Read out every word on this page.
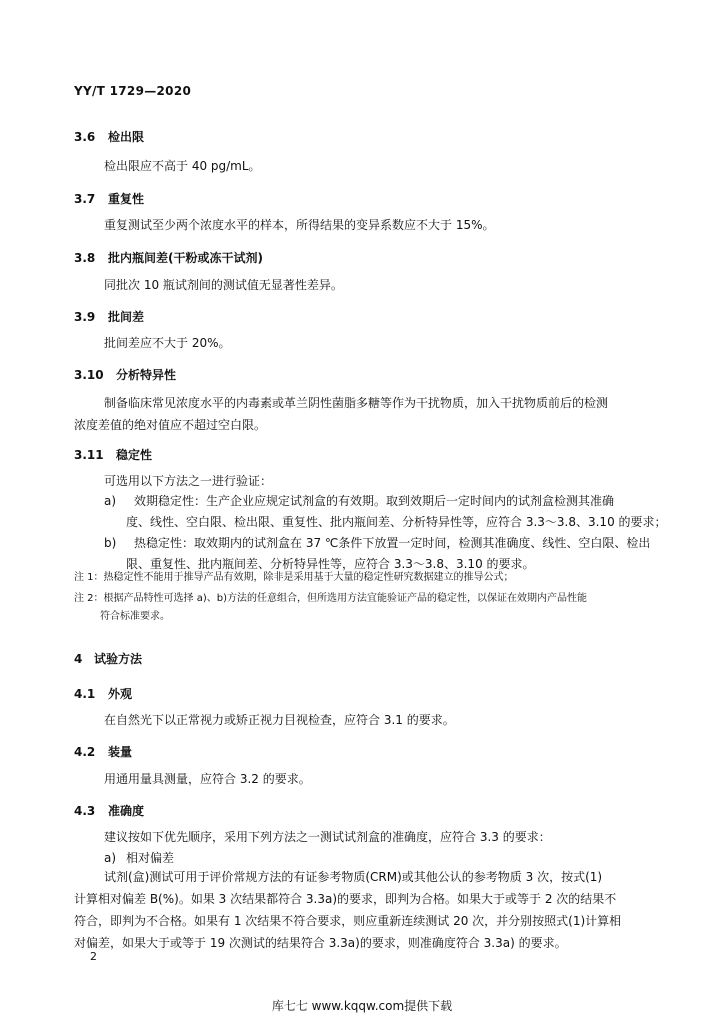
YY/T 1729—2020
3.6 检出限
检出限应不高于 40 pg/mL。
3.7 重复性
重复测试至少两个浓度水平的样本，所得结果的变异系数应不大于 15%。
3.8 批内瓶间差(干粉或冻干试剂)
同批次 10 瓶试剂间的测试值无显著性差异。
3.9 批间差
批间差应不大于 20%。
3.10 分析特异性
制备临床常见浓度水平的内毒素或革兰阴性菌脂多糖等作为干扰物质，加入干扰物质前后的检测
浓度差值的绝对值应不超过空白限。
3.11 稳定性
可选用以下方法之一进行验证：
a) 效期稳定性：生产企业应规定试剂盒的有效期。取到效期后一定时间内的试剂盒检测其准确
度、线性、空白限、检出限、重复性、批内瓶间差、分析特异性等，应符合 3.3～3.8、3.10 的要求；
b) 热稳定性：取效期内的试剂盒在 37 ℃条件下放置一定时间，检测其准确度、线性、空白限、检出
限、重复性、批内瓶间差、分析特异性等，应符合 3.3～3.8、3.10 的要求。
注 1：热稳定性不能用于推导产品有效期，除非是采用基于大量的稳定性研究数据建立的推导公式；
注 2：根据产品特性可选择 a)、b)方法的任意组合，但所选用方法宜能验证产品的稳定性，以保证在效期内产品性能
符合标准要求。
4 试验方法
4.1 外观
在自然光下以正常视力或矫正视力目视检查，应符合 3.1 的要求。
4.2 装量
用通用量具测量，应符合 3.2 的要求。
4.3 准确度
建议按如下优先顺序，采用下列方法之一测试试剂盒的准确度，应符合 3.3 的要求：
a) 相对偏差
试剂(盒)测试可用于评价常规方法的有证参考物质(CRM)或其他公认的参考物质 3 次，按式(1)
计算相对偏差 B(%)。如果 3 次结果都符合 3.3a)的要求，即判为合格。如果大于或等于 2 次的结果不
符合，即判为不合格。如果有 1 次结果不符合要求，则应重新连续测试 20 次，并分别按照式(1)计算相
对偏差，如果大于或等于 19 次测试的结果符合 3.3a)的要求，则准确度符合 3.3a) 的要求。
2
库七七 www.kqqw.com提供下载
